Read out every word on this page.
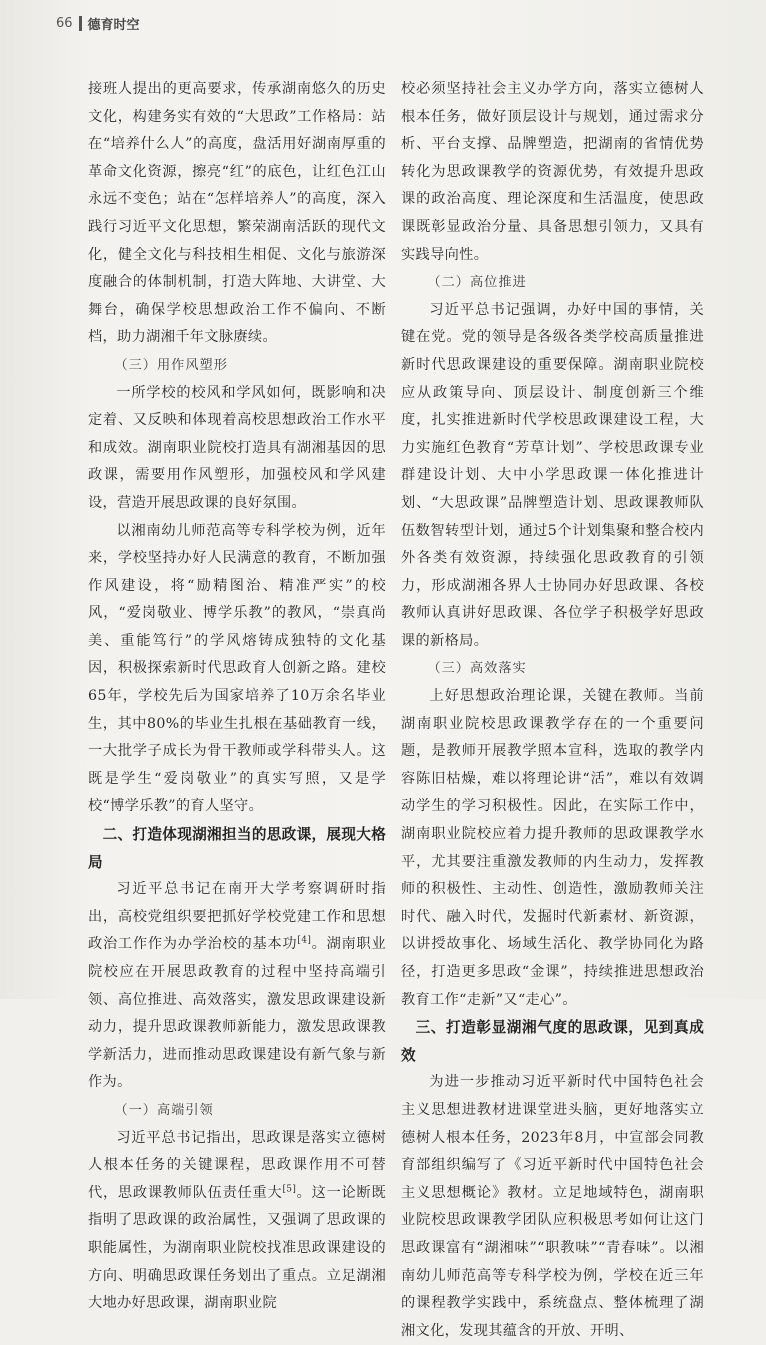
66 德育时空

接班人提出的更高要求，传承湖南悠久的历史文化，构建务实有效的“大思政”工作格局：站在“培养什么人”的高度，盘活用好湖南厚重的革命文化资源，擦亮“红”的底色，让红色江山永远不变色；站在“怎样培养人”的高度，深入践行习近平文化思想，繁荣湖南活跃的现代文化，健全文化与科技相生相促、文化与旅游深度融合的体制机制，打造大阵地、大讲堂、大舞台，确保学校思想政治工作不偏向、不断档，助力湖湘千年文脉赓续。

（三）用作风塑形

一所学校的校风和学风如何，既影响和决定着、又反映和体现着高校思想政治工作水平和成效。湖南职业院校打造具有湖湘基因的思政课，需要用作风塑形，加强校风和学风建设，营造开展思政课的良好氛围。

以湘南幼儿师范高等专科学校为例，近年来，学校坚持办好人民满意的教育，不断加强作风建设，将“励精图治、精准严实”的校风，“爱岗敬业、博学乐教”的教风，“崇真尚美、重能笃行”的学风熔铸成独特的文化基因，积极探索新时代思政育人创新之路。建校65年，学校先后为国家培养了10万余名毕业生，其中80%的毕业生扎根在基础教育一线，一大批学子成长为骨干教师或学科带头人。这既是学生“爱岗敬业”的真实写照，又是学校“博学乐教”的育人坚守。

二、打造体现湖湘担当的思政课，展现大格局

习近平总书记在南开大学考察调研时指出，高校党组织要把抓好学校党建工作和思想政治工作作为办学治校的基本功[4]。湖南职业院校应在开展思政教育的过程中坚持高端引领、高位推进、高效落实，激发思政课建设新动力，提升思政课教师新能力，激发思政课教学新活力，进而推动思政课建设有新气象与新作为。

（一）高端引领

习近平总书记指出，思政课是落实立德树人根本任务的关键课程，思政课作用不可替代，思政课教师队伍责任重大[5]。这一论断既指明了思政课的政治属性，又强调了思政课的职能属性，为湖南职业院校找准思政课建设的方向、明确思政课任务划出了重点。立足湖湘大地办好思政课，湖南职业院

校必须坚持社会主义办学方向，落实立德树人根本任务，做好顶层设计与规划，通过需求分析、平台支撑、品牌塑造，把湖南的省情优势转化为思政课教学的资源优势，有效提升思政课的政治高度、理论深度和生活温度，使思政课既彰显政治分量、具备思想引领力，又具有实践导向性。

（二）高位推进

习近平总书记强调，办好中国的事情，关键在党。党的领导是各级各类学校高质量推进新时代思政课建设的重要保障。湖南职业院校应从政策导向、顶层设计、制度创新三个维度，扎实推进新时代学校思政课建设工程，大力实施红色教育“芳草计划”、学校思政课专业群建设计划、大中小学思政课一体化推进计划、“大思政课”品牌塑造计划、思政课教师队伍数智转型计划，通过5个计划集聚和整合校内外各类有效资源，持续强化思政教育的引领力，形成湖湘各界人士协同办好思政课、各校教师认真讲好思政课、各位学子积极学好思政课的新格局。

（三）高效落实

上好思想政治理论课，关键在教师。当前湖南职业院校思政课教学存在的一个重要问题，是教师开展教学照本宣科，选取的教学内容陈旧枯燥，难以将理论讲“活”，难以有效调动学生的学习积极性。因此，在实际工作中，湖南职业院校应着力提升教师的思政课教学水平，尤其要注重激发教师的内生动力，发挥教师的积极性、主动性、创造性，激励教师关注时代、融入时代，发掘时代新素材、新资源，以讲授故事化、场域生活化、教学协同化为路径，打造更多思政“金课”，持续推进思想政治教育工作“走新”又“走心”。

三、打造彰显湖湘气度的思政课，见到真成效

为进一步推动习近平新时代中国特色社会主义思想进教材进课堂进头脑，更好地落实立德树人根本任务，2023年8月，中宣部会同教育部组织编写了《习近平新时代中国特色社会主义思想概论》教材。立足地域特色，湖南职业院校思政课教学团队应积极思考如何让这门思政课富有“湖湘味”“职教味”“青春味”。以湘南幼儿师范高等专科学校为例，学校在近三年的课程教学实践中，系统盘点、整体梳理了湖湘文化，发现其蕴含的开放、开明、
